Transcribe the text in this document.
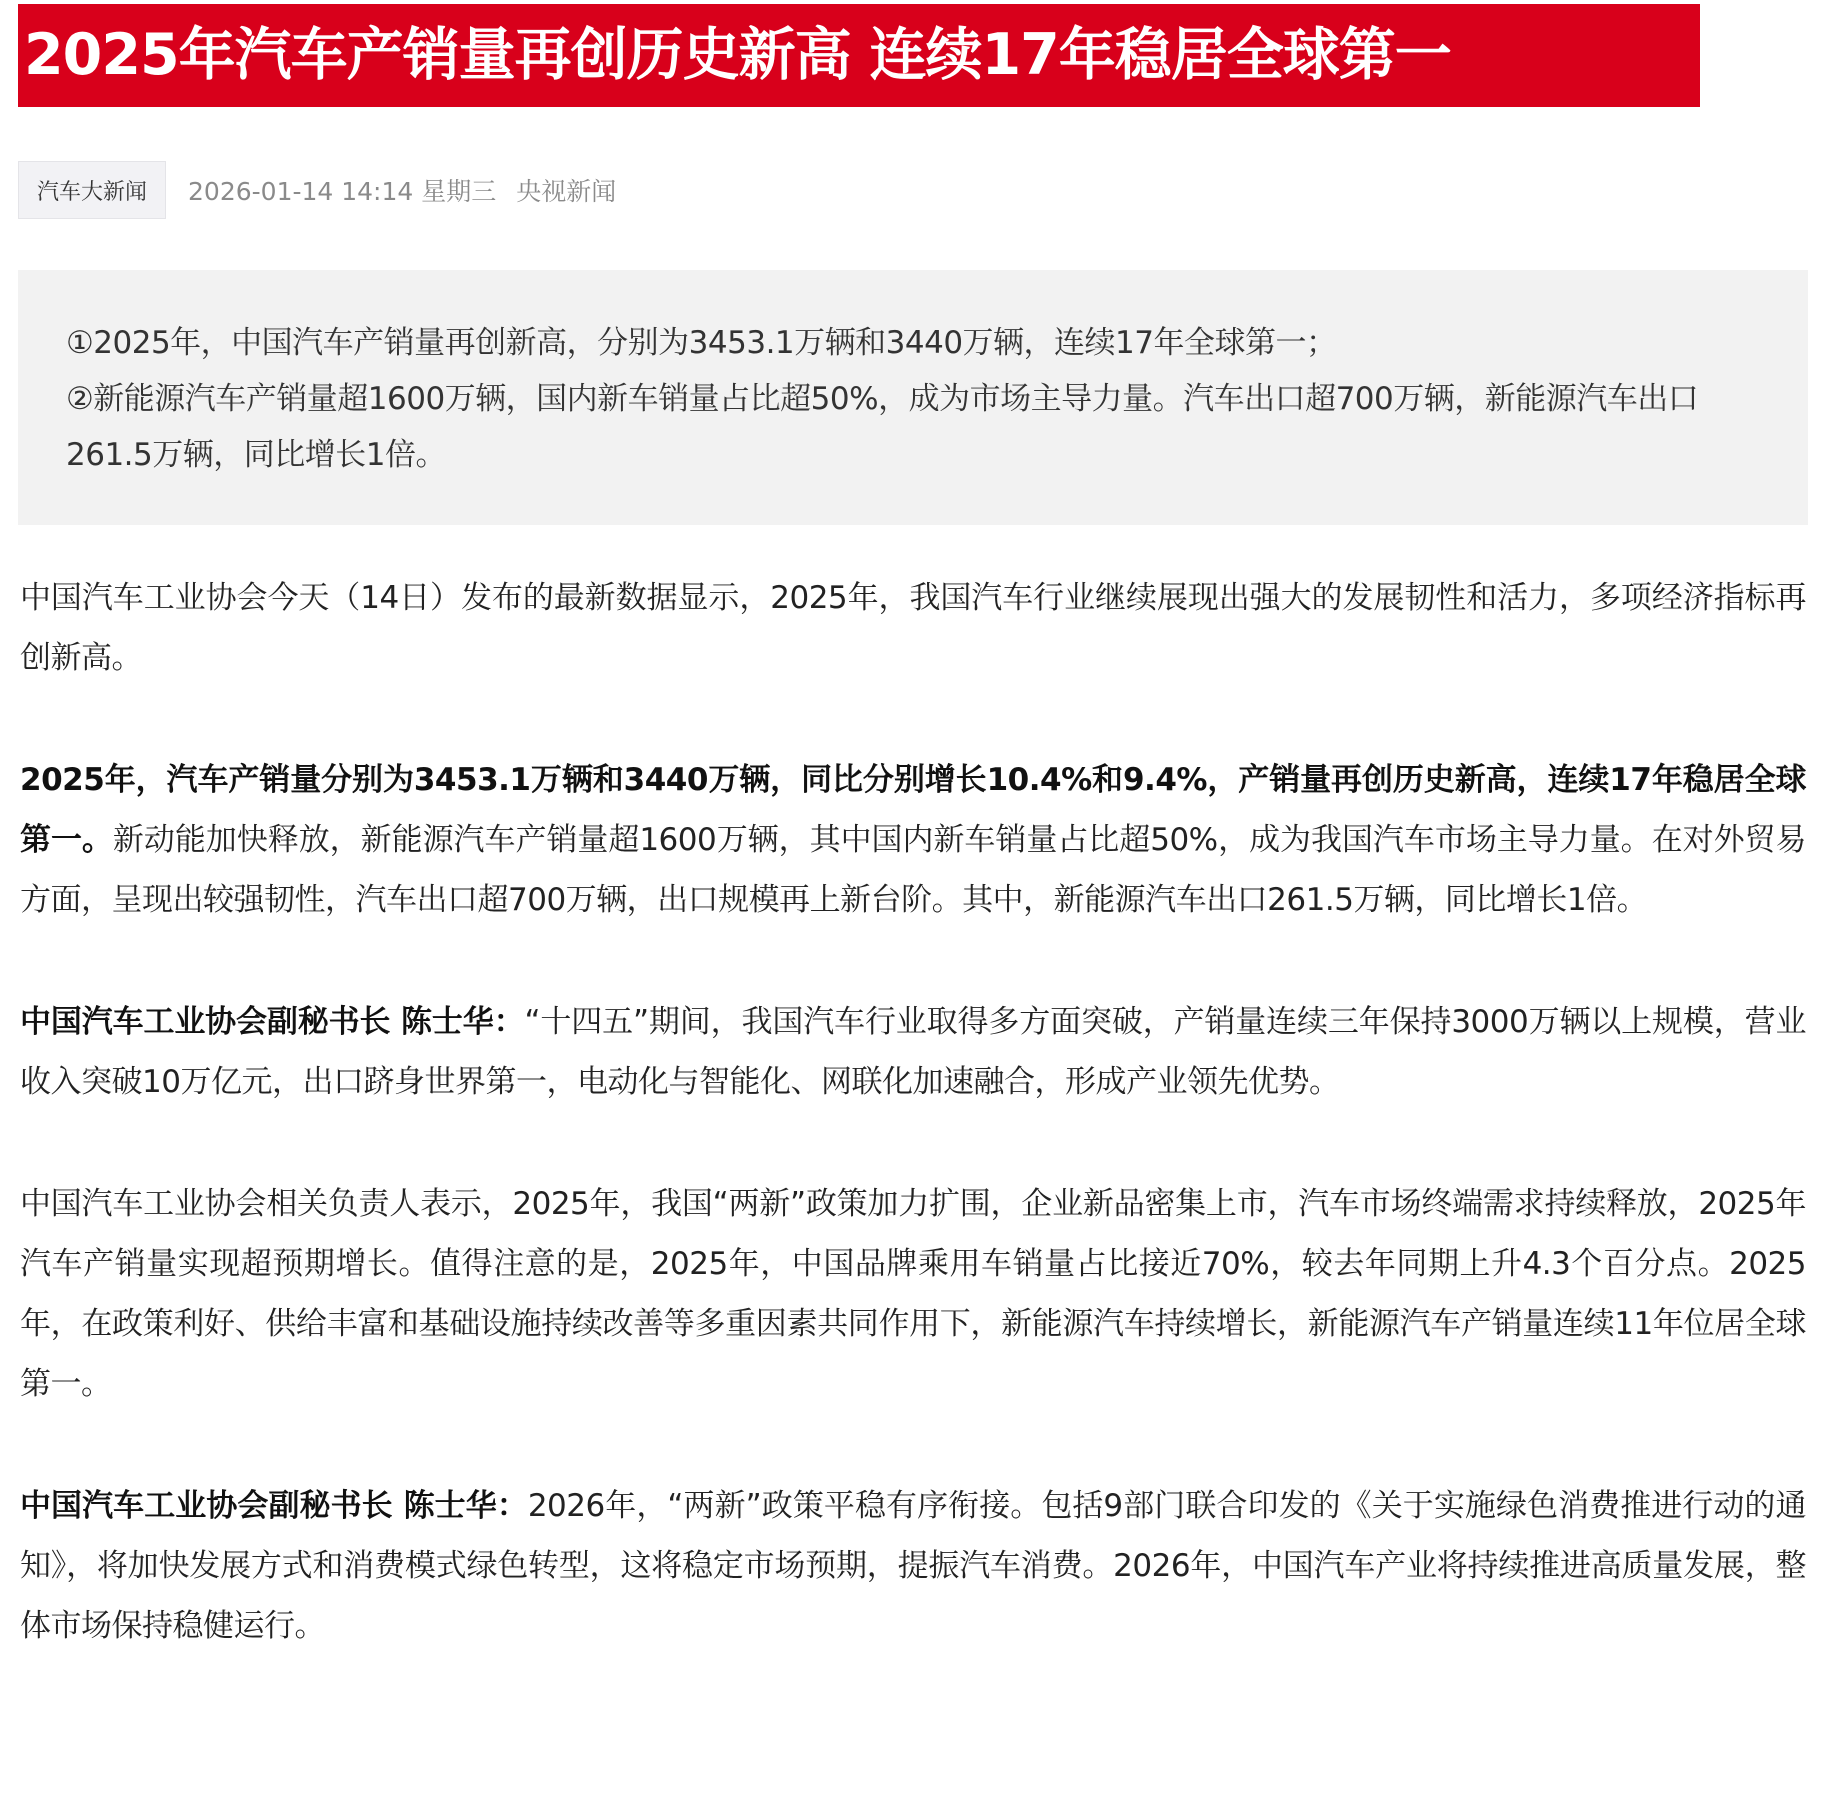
2025年汽车产销量再创历史新高 连续17年稳居全球第一
汽车大新闻	2026-01-14 14:14 星期三 央视新闻

①2025年，中国汽车产销量再创新高，分别为3453.1万辆和3440万辆，连续17年全球第一；

②新能源汽车产销量超1600万辆，国内新车销量占比超50%，成为市场主导力量。汽车出口超700万辆，新能源汽车出口261.5万辆，同比增长1倍。

中国汽车工业协会今天（14日）发布的最新数据显示，2025年，我国汽车行业继续展现出强大的发展韧性和活力，多项经济指标再创新高。

2025年，汽车产销量分别为3453.1万辆和3440万辆，同比分别增长10.4%和9.4%，产销量再创历史新高，连续17年稳居全球第一。新动能加快释放，新能源汽车产销量超1600万辆，其中国内新车销量占比超50%，成为我国汽车市场主导力量。在对外贸易方面，呈现出较强韧性，汽车出口超700万辆，出口规模再上新台阶。其中，新能源汽车出口261.5万辆，同比增长1倍。

中国汽车工业协会副秘书长 陈士华：“十四五”期间，我国汽车行业取得多方面突破，产销量连续三年保持3000万辆以上规模，营业收入突破10万亿元，出口跻身世界第一，电动化与智能化、网联化加速融合，形成产业领先优势。

中国汽车工业协会相关负责人表示，2025年，我国“两新”政策加力扩围，企业新品密集上市，汽车市场终端需求持续释放，2025年汽车产销量实现超预期增长。值得注意的是，2025年，中国品牌乘用车销量占比接近70%，较去年同期上升4.3个百分点。2025年，在政策利好、供给丰富和基础设施持续改善等多重因素共同作用下，新能源汽车持续增长，新能源汽车产销量连续11年位居全球第一。

中国汽车工业协会副秘书长 陈士华：2026年，“两新”政策平稳有序衔接。包括9部门联合印发的《关于实施绿色消费推进行动的通知》，将加快发展方式和消费模式绿色转型，这将稳定市场预期，提振汽车消费。2026年，中国汽车产业将持续推进高质量发展，整体市场保持稳健运行。
